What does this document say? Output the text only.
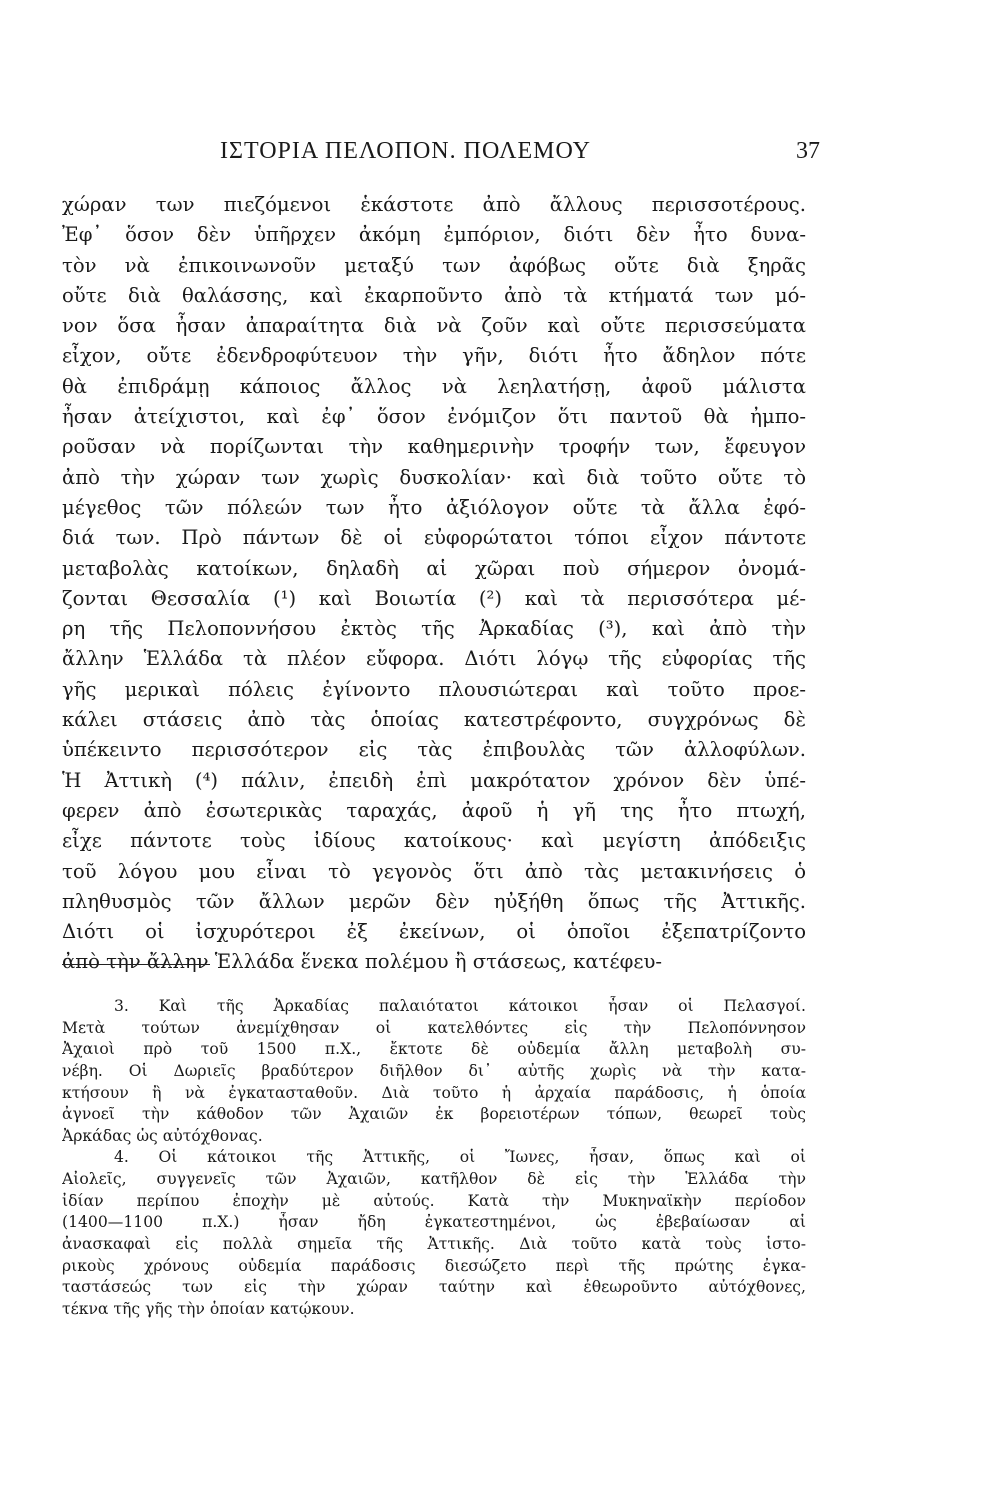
ΙΣΤΟΡΙΑ ΠΕΛΟΠΟΝ. ΠΟΛΕΜΟΥ	37
χώραν των πιεζόμενοι ἑκάστοτε ἀπὸ ἄλλους περισσοτέρους.
Ἐφ᾿ ὅσον δὲν ὑπῆρχεν ἀκόμη ἐμπόριον, διότι δὲν ἦτο δυνα-
τὸν νὰ ἐπικοινωνοῦν μεταξύ των ἀφόβως οὔτε διὰ ξηρᾶς
οὔτε διὰ θαλάσσης, καὶ ἐκαρποῦντο ἀπὸ τὰ κτήματά των μό-
νον ὅσα ἦσαν ἀπαραίτητα διὰ νὰ ζοῦν καὶ οὔτε περισσεύματα
εἶχον, οὔτε ἐδενδροφύτευον τὴν γῆν, διότι ἦτο ἄδηλον πότε
θὰ ἐπιδράμῃ κάποιος ἄλλος νὰ λεηλατήσῃ, ἀφοῦ μάλιστα
ἦσαν ἀτείχιστοι, καὶ ἐφ᾿ ὅσον ἐνόμιζον ὅτι παντοῦ θὰ ἠμπο-
ροῦσαν νὰ πορίζωνται τὴν καθημερινὴν τροφήν των, ἔφευγον
ἀπὸ τὴν χώραν των χωρὶς δυσκολίαν· καὶ διὰ τοῦτο οὔτε τὸ
μέγεθος τῶν πόλεών των ἦτο ἀξιόλογον οὔτε τὰ ἄλλα ἐφό-
διά των. Πρὸ πάντων δὲ οἱ εὐφορώτατοι τόποι εἶχον πάντοτε
μεταβολὰς κατοίκων, δηλαδὴ αἱ χῶραι ποὺ σήμερον ὀνομά-
ζονται Θεσσαλία (¹) καὶ Βοιωτία (²) καὶ τὰ περισσότερα μέ-
ρη τῆς Πελοποννήσου ἐκτὸς τῆς Ἀρκαδίας (³), καὶ ἀπὸ τὴν
ἄλλην Ἑλλάδα τὰ πλέον εὔφορα. Διότι λόγῳ τῆς εὐφορίας τῆς
γῆς μερικαὶ πόλεις ἐγίνοντο πλουσιώτεραι καὶ τοῦτο προε-
κάλει στάσεις ἀπὸ τὰς ὁποίας κατεστρέφοντο, συγχρόνως δὲ
ὑπέκειντο περισσότερον εἰς τὰς ἐπιβουλὰς τῶν ἀλλοφύλων.
Ἡ Ἀττικὴ (⁴) πάλιν, ἐπειδὴ ἐπὶ μακρότατον χρόνον δὲν ὑπέ-
φερεν ἀπὸ ἐσωτερικὰς ταραχάς, ἀφοῦ ἡ γῆ της ἦτο πτωχή,
εἶχε πάντοτε τοὺς ἰδίους κατοίκους· καὶ μεγίστη ἀπόδειξις
τοῦ λόγου μου εἶναι τὸ γεγονὸς ὅτι ἀπὸ τὰς μετακινήσεις ὁ
πληθυσμὸς τῶν ἄλλων μερῶν δὲν ηὐξήθη ὅπως τῆς Ἀττικῆς.
Διότι οἱ ἰσχυρότεροι ἐξ ἐκείνων, οἱ ὁποῖοι ἐξεπατρίζοντο
ἀπὸ τὴν ἄλλην Ἑλλάδα ἕνεκα πολέμου ἢ στάσεως, κατέφευ-
3. Καὶ τῆς Ἀρκαδίας παλαιότατοι κάτοικοι ἦσαν οἱ Πελασγοί.
Μετὰ τούτων ἀνεμίχθησαν οἱ κατελθόντες εἰς τὴν Πελοπόννησον
Ἀχαιοὶ πρὸ τοῦ 1500 π.Χ., ἔκτοτε δὲ οὐδεμία ἄλλη μεταβολὴ συ-
νέβη. Οἱ Δωριεῖς βραδύτερον διῆλθον δι᾿ αὐτῆς χωρὶς νὰ τὴν κατα-
κτήσουν ἢ νὰ ἐγκατασταθοῦν. Διὰ τοῦτο ἡ ἀρχαία παράδοσις, ἡ ὁποία
ἀγνοεῖ τὴν κάθοδον τῶν Ἀχαιῶν ἐκ βορειοτέρων τόπων, θεωρεῖ τοὺς
Ἀρκάδας ὡς αὐτόχθονας.
4. Οἱ κάτοικοι τῆς Ἀττικῆς, οἱ Ἴωνες, ἦσαν, ὅπως καὶ οἱ
Αἰολεῖς, συγγενεῖς τῶν Ἀχαιῶν, κατῆλθον δὲ εἰς τὴν Ἑλλάδα τὴν
ἰδίαν περίπου ἐποχὴν μὲ αὐτούς. Κατὰ τὴν Μυκηναϊκὴν περίοδον
(1400—1100 π.Χ.) ἦσαν ἤδη ἐγκατεστημένοι, ὡς ἐβεβαίωσαν αἱ
ἀνασκαφαὶ εἰς πολλὰ σημεῖα τῆς Ἀττικῆς. Διὰ τοῦτο κατὰ τοὺς ἱστο-
ρικοὺς χρόνους οὐδεμία παράδοσις διεσώζετο περὶ τῆς πρώτης ἐγκα-
ταστάσεώς των εἰς τὴν χώραν ταύτην καὶ ἐθεωροῦντο αὐτόχθονες,
τέκνα τῆς γῆς τὴν ὁποίαν κατῴκουν.
